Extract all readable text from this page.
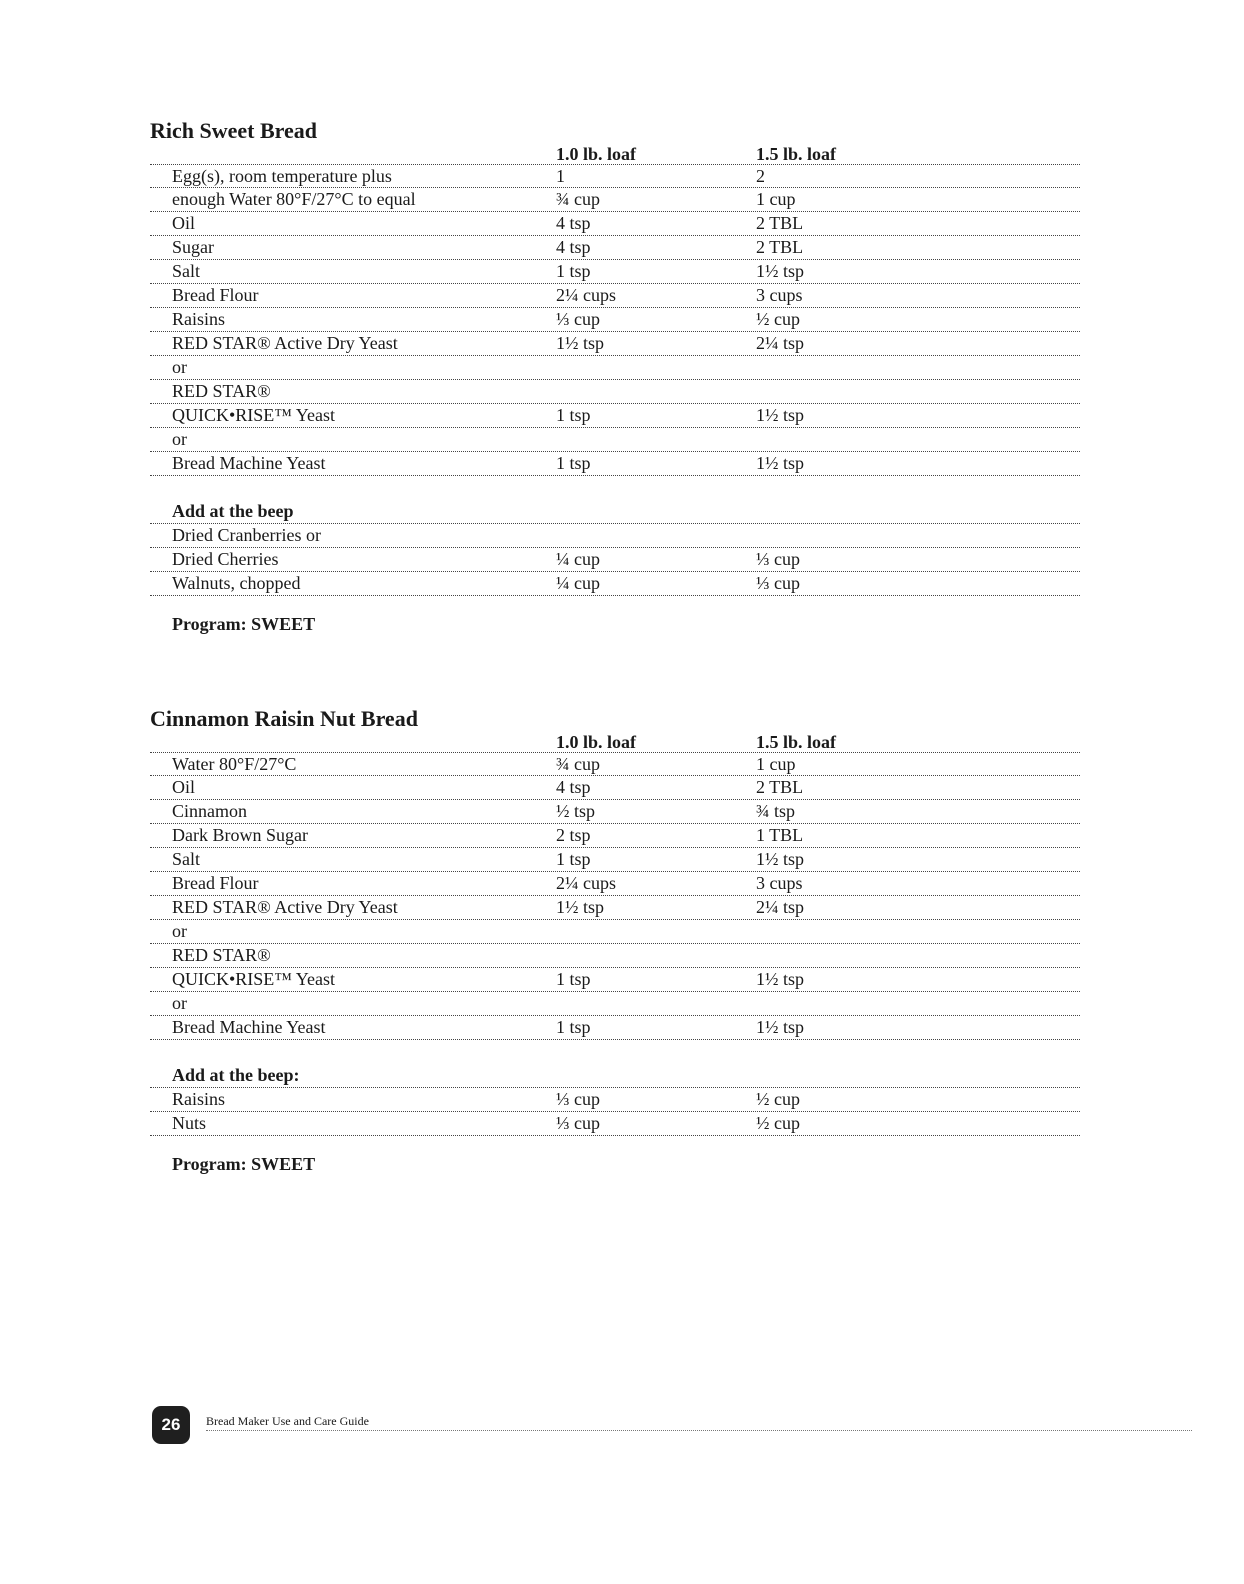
Rich Sweet Bread
1.0 lb. loaf	1.5 lb. loaf
Egg(s), room temperature plus	1	2
enough Water 80°F/27°C to equal	¾ cup	1 cup
Oil	4 tsp	2 TBL
Sugar	4 tsp	2 TBL
Salt	1 tsp	1½ tsp
Bread Flour	2¼ cups	3 cups
Raisins	⅓ cup	½ cup
RED STAR® Active Dry Yeast	1½ tsp	2¼ tsp
or
RED STAR®
QUICK•RISE™ Yeast	1 tsp	1½ tsp
or
Bread Machine Yeast	1 tsp	1½ tsp
Add at the beep
Dried Cranberries or
Dried Cherries	¼ cup	⅓ cup
Walnuts, chopped	¼ cup	⅓ cup
Program: SWEET
Cinnamon Raisin Nut Bread
1.0 lb. loaf	1.5 lb. loaf
Water 80°F/27°C	¾ cup	1 cup
Oil	4 tsp	2 TBL
Cinnamon	½ tsp	¾ tsp
Dark Brown Sugar	2 tsp	1 TBL
Salt	1 tsp	1½ tsp
Bread Flour	2¼ cups	3 cups
RED STAR® Active Dry Yeast	1½ tsp	2¼ tsp
or
RED STAR®
QUICK•RISE™ Yeast	1 tsp	1½ tsp
or
Bread Machine Yeast	1 tsp	1½ tsp
Add at the beep:
Raisins	⅓ cup	½ cup
Nuts	⅓ cup	½ cup
Program: SWEET
26	Bread Maker Use and Care Guide
